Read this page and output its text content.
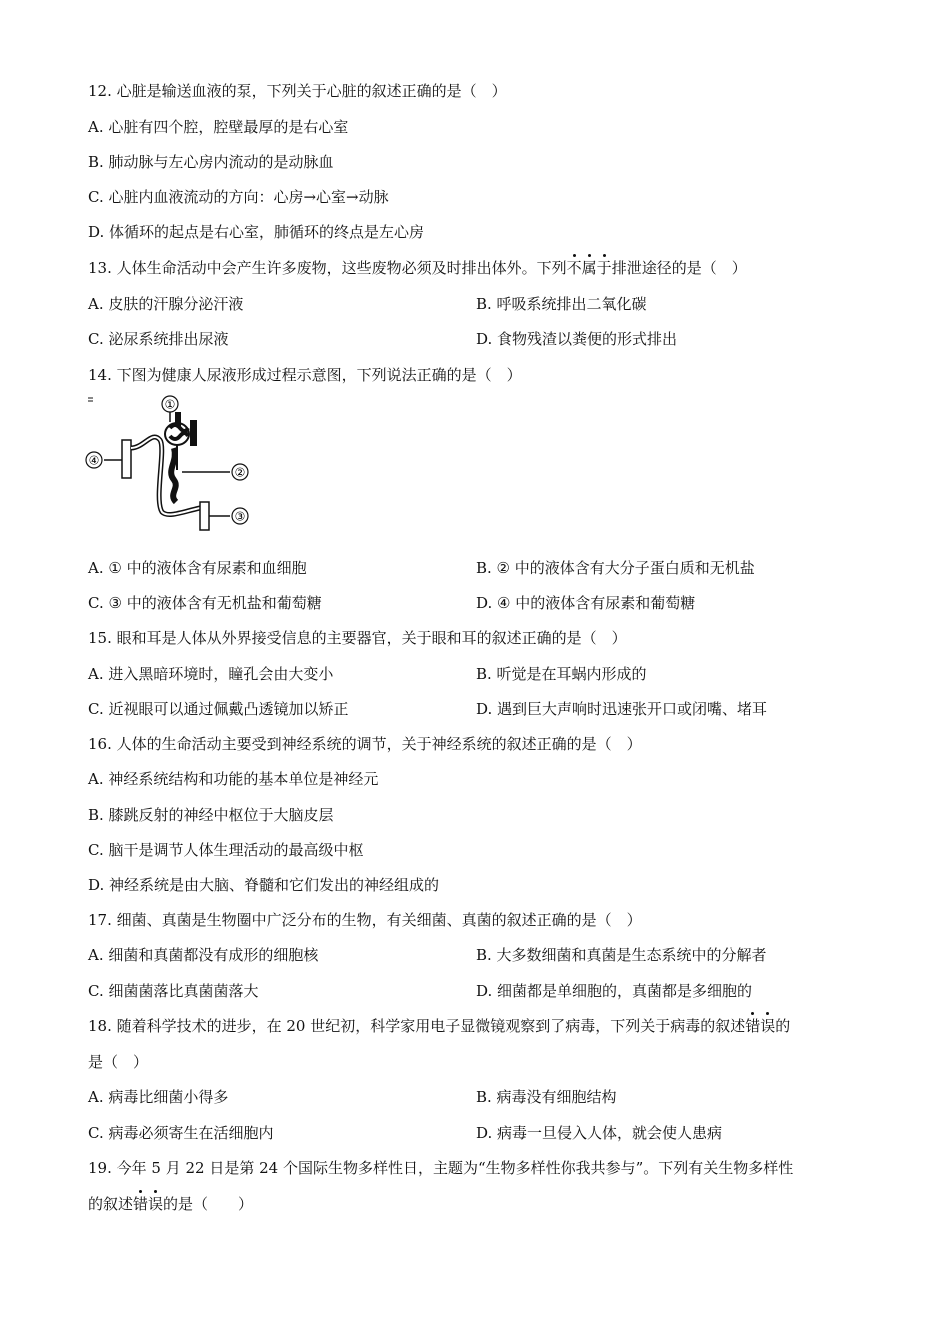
12. 心脏是输送血液的泵，下列关于心脏的叙述正确的是（　）
A. 心脏有四个腔，腔壁最厚的是右心室
B. 肺动脉与左心房内流动的是动脉血
C. 心脏内血液流动的方向：心房→心室→动脉
D. 体循环的起点是右心室，肺循环的终点是左心房
13. 人体生命活动中会产生许多废物，这些废物必须及时排出体外。下列不属于排泄途径的是（　）
A. 皮肤的汗腺分泌汗液	B. 呼吸系统排出二氧化碳
C. 泌尿系统排出尿液	D. 食物残渣以粪便的形式排出
14. 下图为健康人尿液形成过程示意图，下列说法正确的是（　）
④
①
②
③
A. ① 中的液体含有尿素和血细胞	B. ② 中的液体含有大分子蛋白质和无机盐
C. ③ 中的液体含有无机盐和葡萄糖	D. ④ 中的液体含有尿素和葡萄糖
15. 眼和耳是人体从外界接受信息的主要器官，关于眼和耳的叙述正确的是（　）
A. 进入黑暗环境时，瞳孔会由大变小	B. 听觉是在耳蜗内形成的
C. 近视眼可以通过佩戴凸透镜加以矫正	D. 遇到巨大声响时迅速张开口或闭嘴、堵耳
16. 人体的生命活动主要受到神经系统的调节，关于神经系统的叙述正确的是（　）
A. 神经系统结构和功能的基本单位是神经元
B. 膝跳反射的神经中枢位于大脑皮层
C. 脑干是调节人体生理活动的最高级中枢
D. 神经系统是由大脑、脊髓和它们发出的神经组成的
17. 细菌、真菌是生物圈中广泛分布的生物，有关细菌、真菌的叙述正确的是（　）
A. 细菌和真菌都没有成形的细胞核	B. 大多数细菌和真菌是生态系统中的分解者
C. 细菌菌落比真菌菌落大	D. 细菌都是单细胞的，真菌都是多细胞的
18. 随着科学技术的进步，在 20 世纪初，科学家用电子显微镜观察到了病毒，下列关于病毒的叙述错误的
是（　）
A. 病毒比细菌小得多	B. 病毒没有细胞结构
C. 病毒必须寄生在活细胞内	D. 病毒一旦侵入人体，就会使人患病
19. 今年 5 月 22 日是第 24 个国际生物多样性日，主题为“生物多样性你我共参与”。下列有关生物多样性
的叙述错误的是（　　）
